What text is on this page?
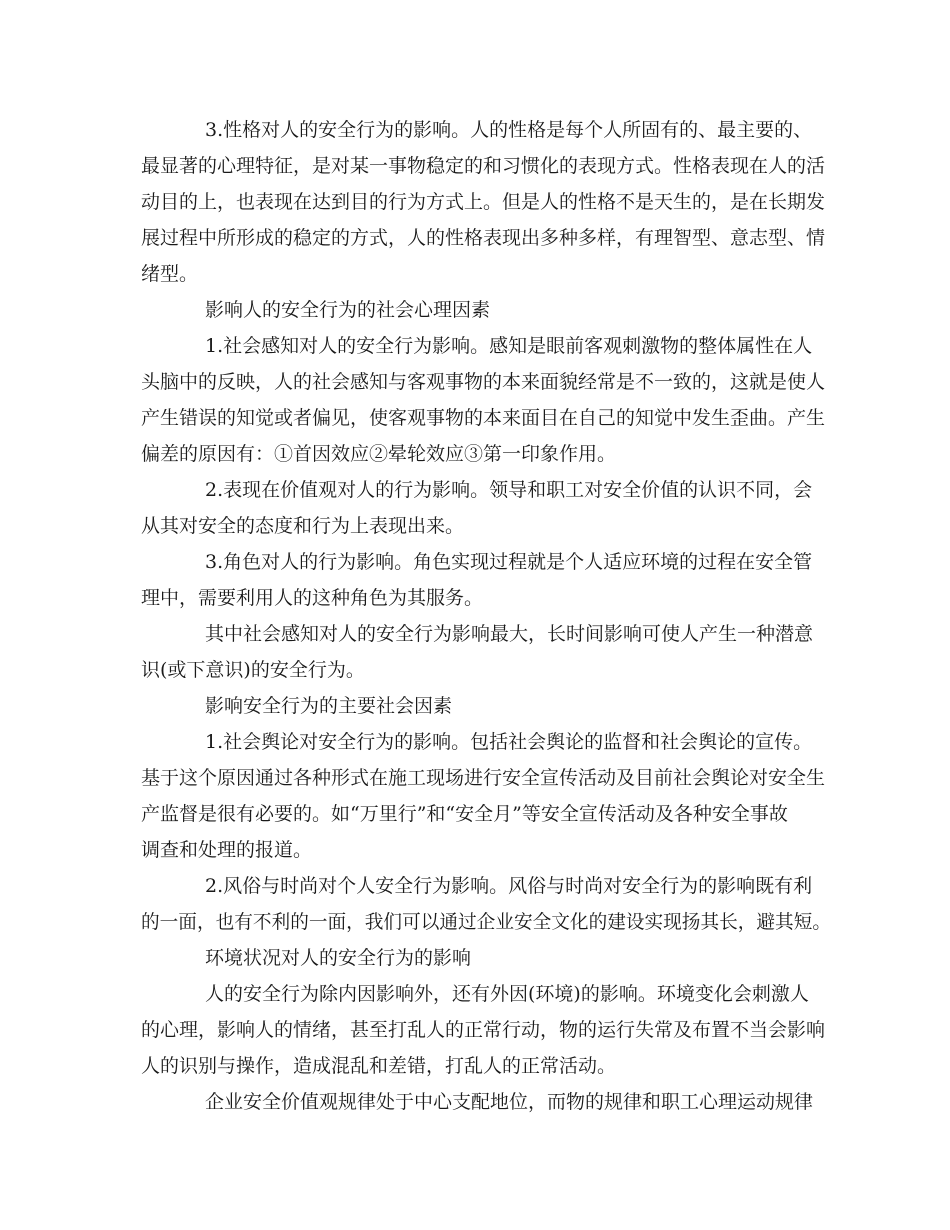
3.性格对人的安全行为的影响。人的性格是每个人所固有的、最主要的、
最显著的心理特征，是对某一事物稳定的和习惯化的表现方式。性格表现在人的活
动目的上，也表现在达到目的行为方式上。但是人的性格不是天生的，是在长期发
展过程中所形成的稳定的方式，人的性格表现出多种多样，有理智型、意志型、情
绪型。
影响人的安全行为的社会心理因素
1.社会感知对人的安全行为影响。感知是眼前客观刺激物的整体属性在人
头脑中的反映，人的社会感知与客观事物的本来面貌经常是不一致的，这就是使人
产生错误的知觉或者偏见，使客观事物的本来面目在自己的知觉中发生歪曲。产生
偏差的原因有：①首因效应②晕轮效应③第一印象作用。
2.表现在价值观对人的行为影响。领导和职工对安全价值的认识不同，会
从其对安全的态度和行为上表现出来。
3.角色对人的行为影响。角色实现过程就是个人适应环境的过程在安全管
理中，需要利用人的这种角色为其服务。
其中社会感知对人的安全行为影响最大，长时间影响可使人产生一种潜意
识(或下意识)的安全行为。
影响安全行为的主要社会因素
1.社会舆论对安全行为的影响。包括社会舆论的监督和社会舆论的宣传。
基于这个原因通过各种形式在施工现场进行安全宣传活动及目前社会舆论对安全生
产监督是很有必要的。如“万里行”和“安全月”等安全宣传活动及各种安全事故
调查和处理的报道。
2.风俗与时尚对个人安全行为影响。风俗与时尚对安全行为的影响既有利
的一面，也有不利的一面，我们可以通过企业安全文化的建设实现扬其长，避其短。
环境状况对人的安全行为的影响
人的安全行为除内因影响外，还有外因(环境)的影响。环境变化会刺激人
的心理，影响人的情绪，甚至打乱人的正常行动，物的运行失常及布置不当会影响
人的识别与操作，造成混乱和差错，打乱人的正常活动。
企业安全价值观规律处于中心支配地位，而物的规律和职工心理运动规律
